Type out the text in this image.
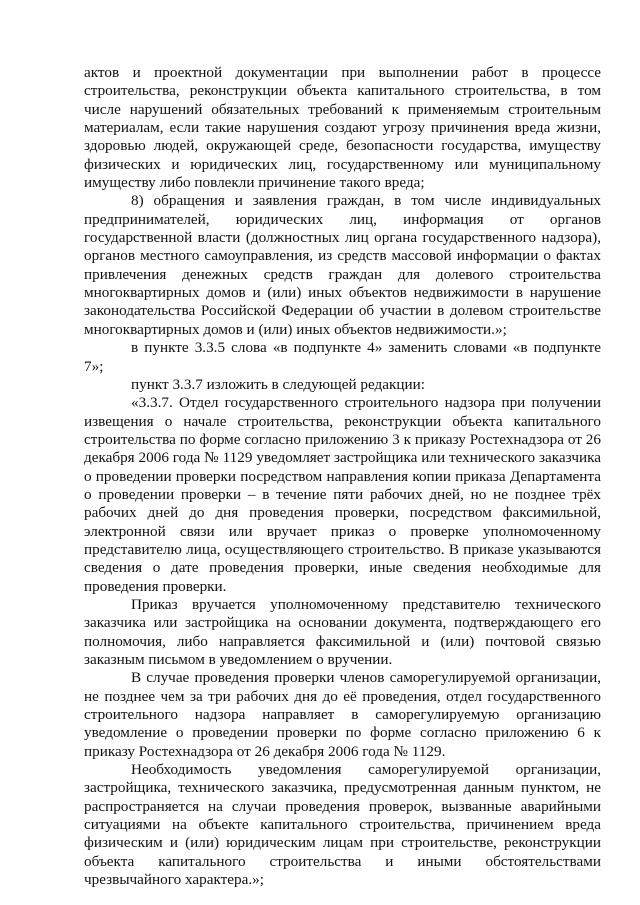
актов и проектной документации при выполнении работ в процессе строительства, реконструкции объекта капитального строительства, в том числе нарушений обязательных требований к применяемым строительным материалам, если такие нарушения создают угрозу причинения вреда жизни, здоровью людей, окружающей среде, безопасности государства, имуществу физических и юридических лиц, государственному или муниципальному имуществу либо повлекли причинение такого вреда;

8) обращения и заявления граждан, в том числе индивидуальных предпринимателей, юридических лиц, информация от органов государственной власти (должностных лиц органа государственного надзора), органов местного самоуправления, из средств массовой информации о фактах привлечения денежных средств граждан для долевого строительства многоквартирных домов и (или) иных объектов недвижимости в нарушение законодательства Российской Федерации об участии в долевом строительстве многоквартирных домов и (или) иных объектов недвижимости.»;

в пункте 3.3.5 слова «в подпункте 4» заменить словами «в подпункте 7»;

пункт 3.3.7 изложить в следующей редакции:

«3.3.7. Отдел государственного строительного надзора при получении извещения о начале строительства, реконструкции объекта капитального строительства по форме согласно приложению 3 к приказу Ростехнадзора от 26 декабря 2006 года № 1129 уведомляет застройщика или технического заказчика о проведении проверки посредством направления копии приказа Департамента о проведении проверки – в течение пяти рабочих дней, но не позднее трёх рабочих дней до дня проведения проверки, посредством факсимильной, электронной связи или вручает приказ о проверке уполномоченному представителю лица, осуществляющего строительство. В приказе указываются сведения о дате проведения проверки, иные сведения необходимые для проведения проверки.

Приказ вручается уполномоченному представителю технического заказчика или застройщика на основании документа, подтверждающего его полномочия, либо направляется факсимильной и (или) почтовой связью заказным письмом в уведомлением о вручении.

В случае проведения проверки членов саморегулируемой организации, не позднее чем за три рабочих дня до её проведения, отдел государственного строительного надзора направляет в саморегулируемую организацию уведомление о проведении проверки по форме согласно приложению 6 к приказу Ростехнадзора от 26 декабря 2006 года № 1129.

Необходимость уведомления саморегулируемой организации, застройщика, технического заказчика, предусмотренная данным пунктом, не распространяется на случаи проведения проверок, вызванные аварийными ситуациями на объекте капитального строительства, причинением вреда физическим и (или) юридическим лицам при строительстве, реконструкции объекта капитального строительства и иными обстоятельствами чрезвычайного характера.»;
